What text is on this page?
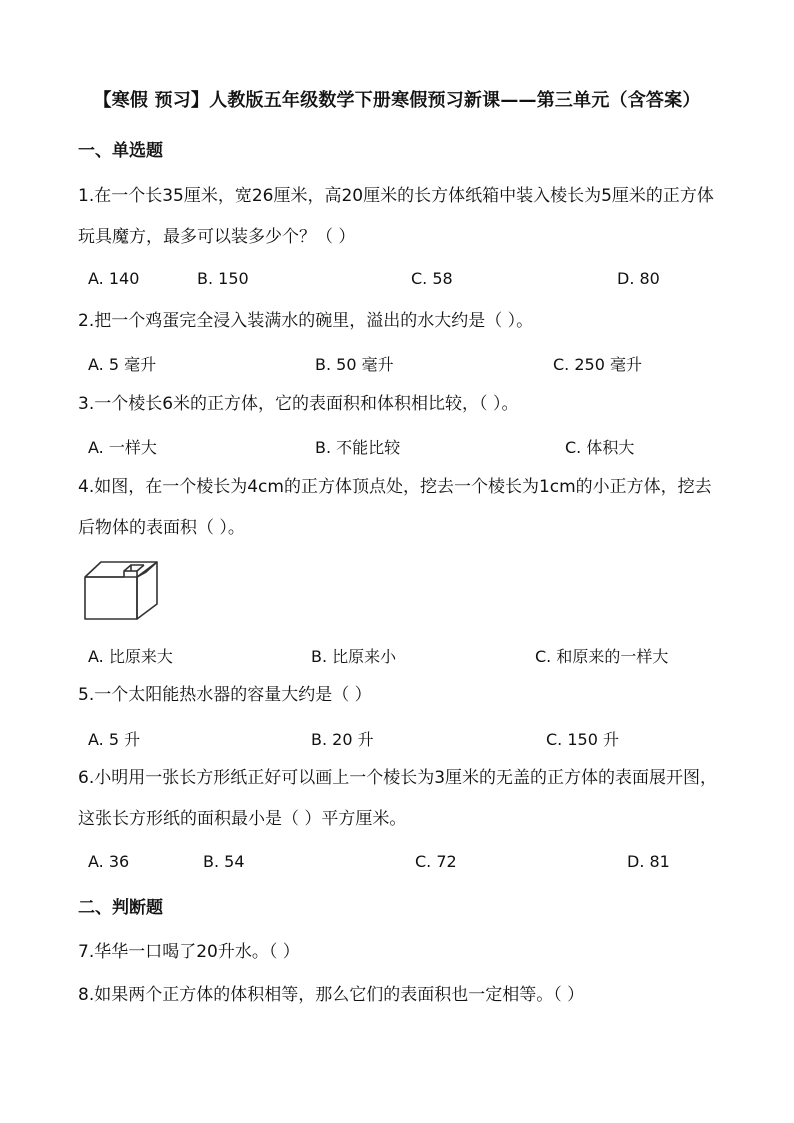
【寒假 预习】人教版五年级数学下册寒假预习新课——第三单元（含答案）
一、单选题
1.在一个长35厘米，宽26厘米，高20厘米的长方体纸箱中装入棱长为5厘米的正方体玩具魔方，最多可以装多少个？（ ）
A. 140	B. 150	C. 58	D. 80
2.把一个鸡蛋完全浸入装满水的碗里，溢出的水大约是（ ）。
A. 5 毫升	B. 50 毫升	C. 250 毫升
3.一个棱长6米的正方体，它的表面积和体积相比较，（ ）。
A. 一样大	B. 不能比较	C. 体积大
4.如图，在一个棱长为4cm的正方体顶点处，挖去一个棱长为1cm的小正方体，挖去后物体的表面积（ ）。
A. 比原来大	B. 比原来小	C. 和原来的一样大
5.一个太阳能热水器的容量大约是（ ）
A. 5 升	B. 20 升	C. 150 升
6.小明用一张长方形纸正好可以画上一个棱长为3厘米的无盖的正方体的表面展开图，这张长方形纸的面积最小是（ ）平方厘米。
A. 36	B. 54	C. 72	D. 81
二、判断题
7.华华一口喝了20升水。（ ）
8.如果两个正方体的体积相等，那么它们的表面积也一定相等。（ ）
